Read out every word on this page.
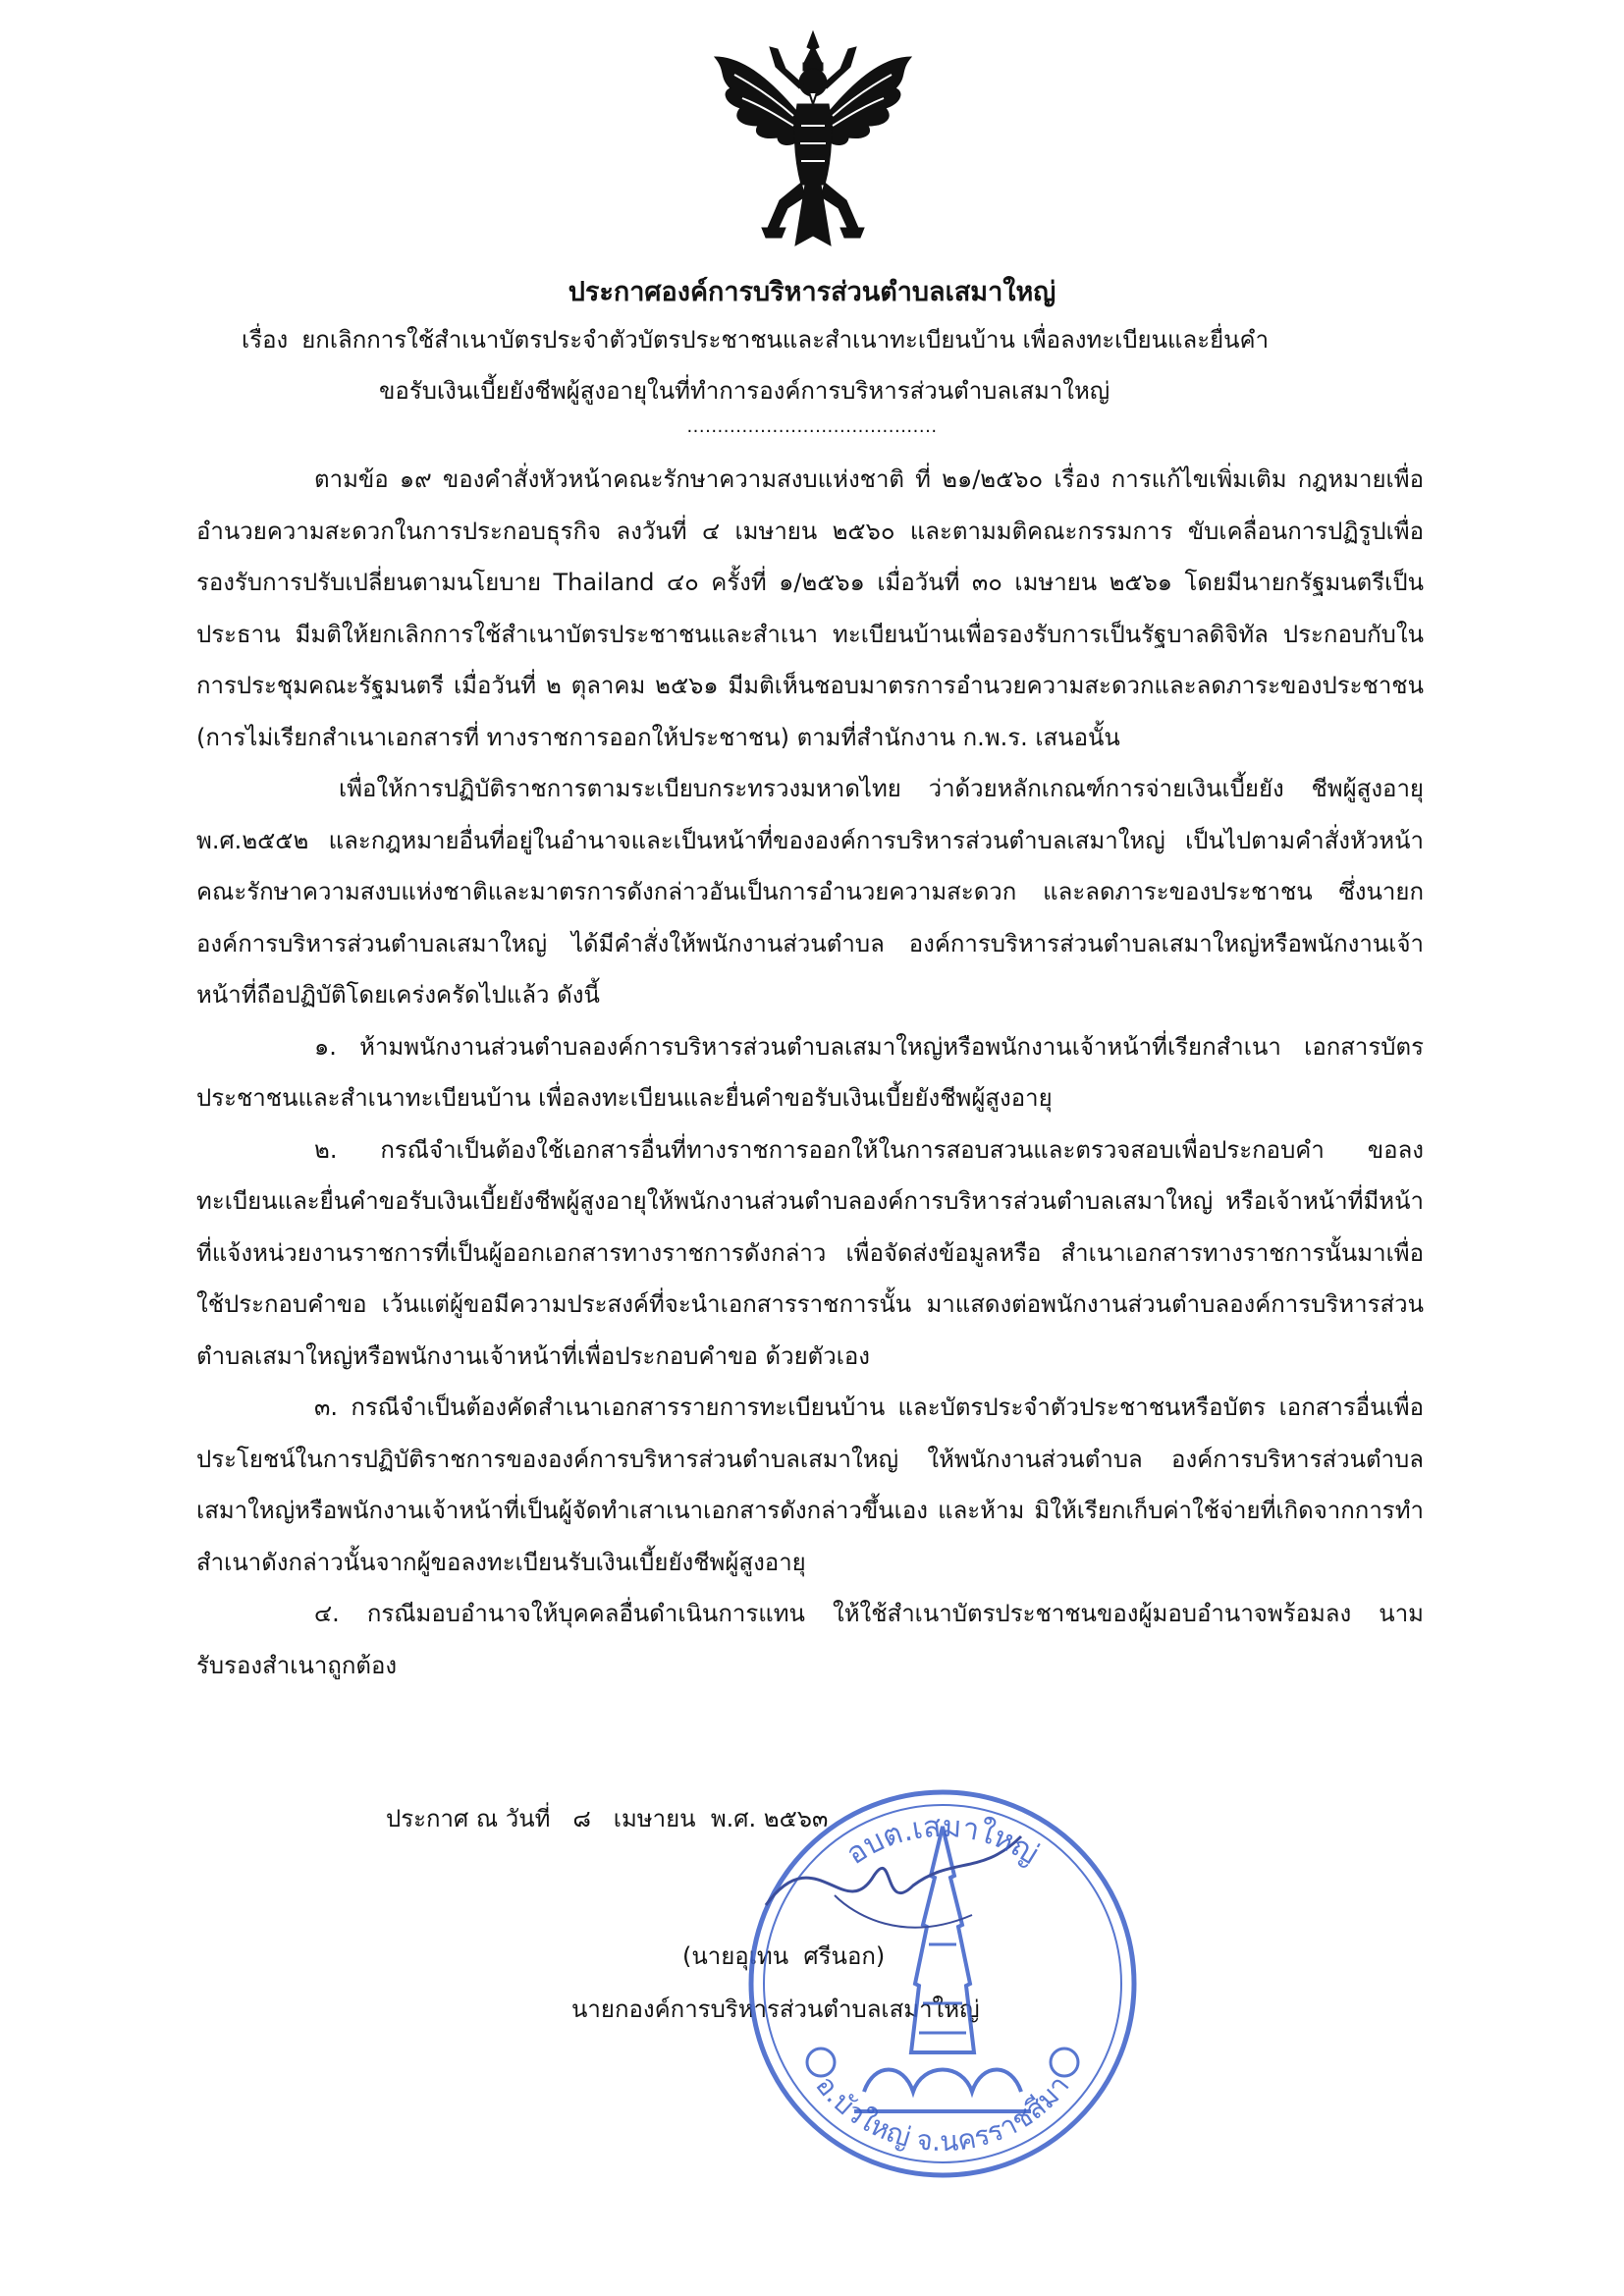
ประกาศองค์การบริหารส่วนตำบลเสมาใหญ่
เรื่อง ยกเลิกการใช้สำเนาบัตรประจำตัวบัตรประชาชนและสำเนาทะเบียนบ้าน เพื่อลงทะเบียนและยื่นคำ
ขอรับเงินเบี้ยยังชีพผู้สูงอายุในที่ทำการองค์การบริหารส่วนตำบลเสมาใหญ่
.........................................

ตามข้อ ๑๙ ของคำสั่งหัวหน้าคณะรักษาความสงบแห่งชาติ ที่ ๒๑/๒๕๖๐ เรื่อง การแก้ไขเพิ่มเติม กฎหมายเพื่ออำนวยความสะดวกในการประกอบธุรกิจ ลงวันที่ ๔ เมษายน ๒๕๖๐ และตามมติคณะกรรมการ ขับเคลื่อนการปฏิรูปเพื่อรองรับการปรับเปลี่ยนตามนโยบาย Thailand ๔๐ ครั้งที่ ๑/๒๕๖๑ เมื่อวันที่ ๓๐ เมษายน ๒๕๖๑ โดยมีนายกรัฐมนตรีเป็นประธาน มีมติให้ยกเลิกการใช้สำเนาบัตรประชาชนและสำเนา ทะเบียนบ้านเพื่อรองรับการเป็นรัฐบาลดิจิทัล ประกอบกับในการประชุมคณะรัฐมนตรี เมื่อวันที่ ๒ ตุลาคม ๒๕๖๑ มีมติเห็นชอบมาตรการอำนวยความสะดวกและลดภาระของประชาชน (การไม่เรียกสำเนาเอกสารที่ ทางราชการออกให้ประชาชน) ตามที่สำนักงาน ก.พ.ร. เสนอนั้น

เพื่อให้การปฏิบัติราชการตามระเบียบกระทรวงมหาดไทย ว่าด้วยหลักเกณฑ์การจ่ายเงินเบี้ยยัง ชีพผู้สูงอายุ พ.ศ.๒๕๕๒ และกฎหมายอื่นที่อยู่ในอำนาจและเป็นหน้าที่ขององค์การบริหารส่วนตำบลเสมาใหญ่ เป็นไปตามคำสั่งหัวหน้าคณะรักษาความสงบแห่งชาติและมาตรการดังกล่าวอันเป็นการอำนวยความสะดวก และลดภาระของประชาชน ซึ่งนายกองค์การบริหารส่วนตำบลเสมาใหญ่ ได้มีคำสั่งให้พนักงานส่วนตำบล องค์การบริหารส่วนตำบลเสมาใหญ่หรือพนักงานเจ้าหน้าที่ถือปฏิบัติโดยเคร่งครัดไปแล้ว ดังนี้

๑. ห้ามพนักงานส่วนตำบลองค์การบริหารส่วนตำบลเสมาใหญ่หรือพนักงานเจ้าหน้าที่เรียกสำเนา เอกสารบัตรประชาชนและสำเนาทะเบียนบ้าน เพื่อลงทะเบียนและยื่นคำขอรับเงินเบี้ยยังชีพผู้สูงอายุ

๒. กรณีจำเป็นต้องใช้เอกสารอื่นที่ทางราชการออกให้ในการสอบสวนและตรวจสอบเพื่อประกอบคำ ขอลงทะเบียนและยื่นคำขอรับเงินเบี้ยยังชีพผู้สูงอายุให้พนักงานส่วนตำบลองค์การบริหารส่วนตำบลเสมาใหญ่ หรือเจ้าหน้าที่มีหน้าที่แจ้งหน่วยงานราชการที่เป็นผู้ออกเอกสารทางราชการดังกล่าว เพื่อจัดส่งข้อมูลหรือ สำเนาเอกสารทางราชการนั้นมาเพื่อใช้ประกอบคำขอ เว้นแต่ผู้ขอมีความประสงค์ที่จะนำเอกสารราชการนั้น มาแสดงต่อพนักงานส่วนตำบลองค์การบริหารส่วนตำบลเสมาใหญ่หรือพนักงานเจ้าหน้าที่เพื่อประกอบคำขอ ด้วยตัวเอง

๓. กรณีจำเป็นต้องคัดสำเนาเอกสารรายการทะเบียนบ้าน และบัตรประจำตัวประชาชนหรือบัตร เอกสารอื่นเพื่อประโยชน์ในการปฏิบัติราชการขององค์การบริหารส่วนตำบลเสมาใหญ่ ให้พนักงานส่วนตำบล องค์การบริหารส่วนตำบลเสมาใหญ่หรือพนักงานเจ้าหน้าที่เป็นผู้จัดทำเสาเนาเอกสารดังกล่าวขึ้นเอง และห้าม มิให้เรียกเก็บค่าใช้จ่ายที่เกิดจากการทำสำเนาดังกล่าวนั้นจากผู้ขอลงทะเบียนรับเงินเบี้ยยังชีพผู้สูงอายุ

๔. กรณีมอบอำนาจให้บุคคลอื่นดำเนินการแทน ให้ใช้สำเนาบัตรประชาชนของผู้มอบอำนาจพร้อมลง นามรับรองสำเนาถูกต้อง

ประกาศ ณ วันที่   ๘   เมษายน  พ.ศ. ๒๕๖๓
(นายอุเทน  ศรีนอก)
นายกองค์การบริหารส่วนตำบลเสมาใหญ่
อบต.เสมาใหญ่
อ.บัวใหญ่ จ.นครราชสีมา
